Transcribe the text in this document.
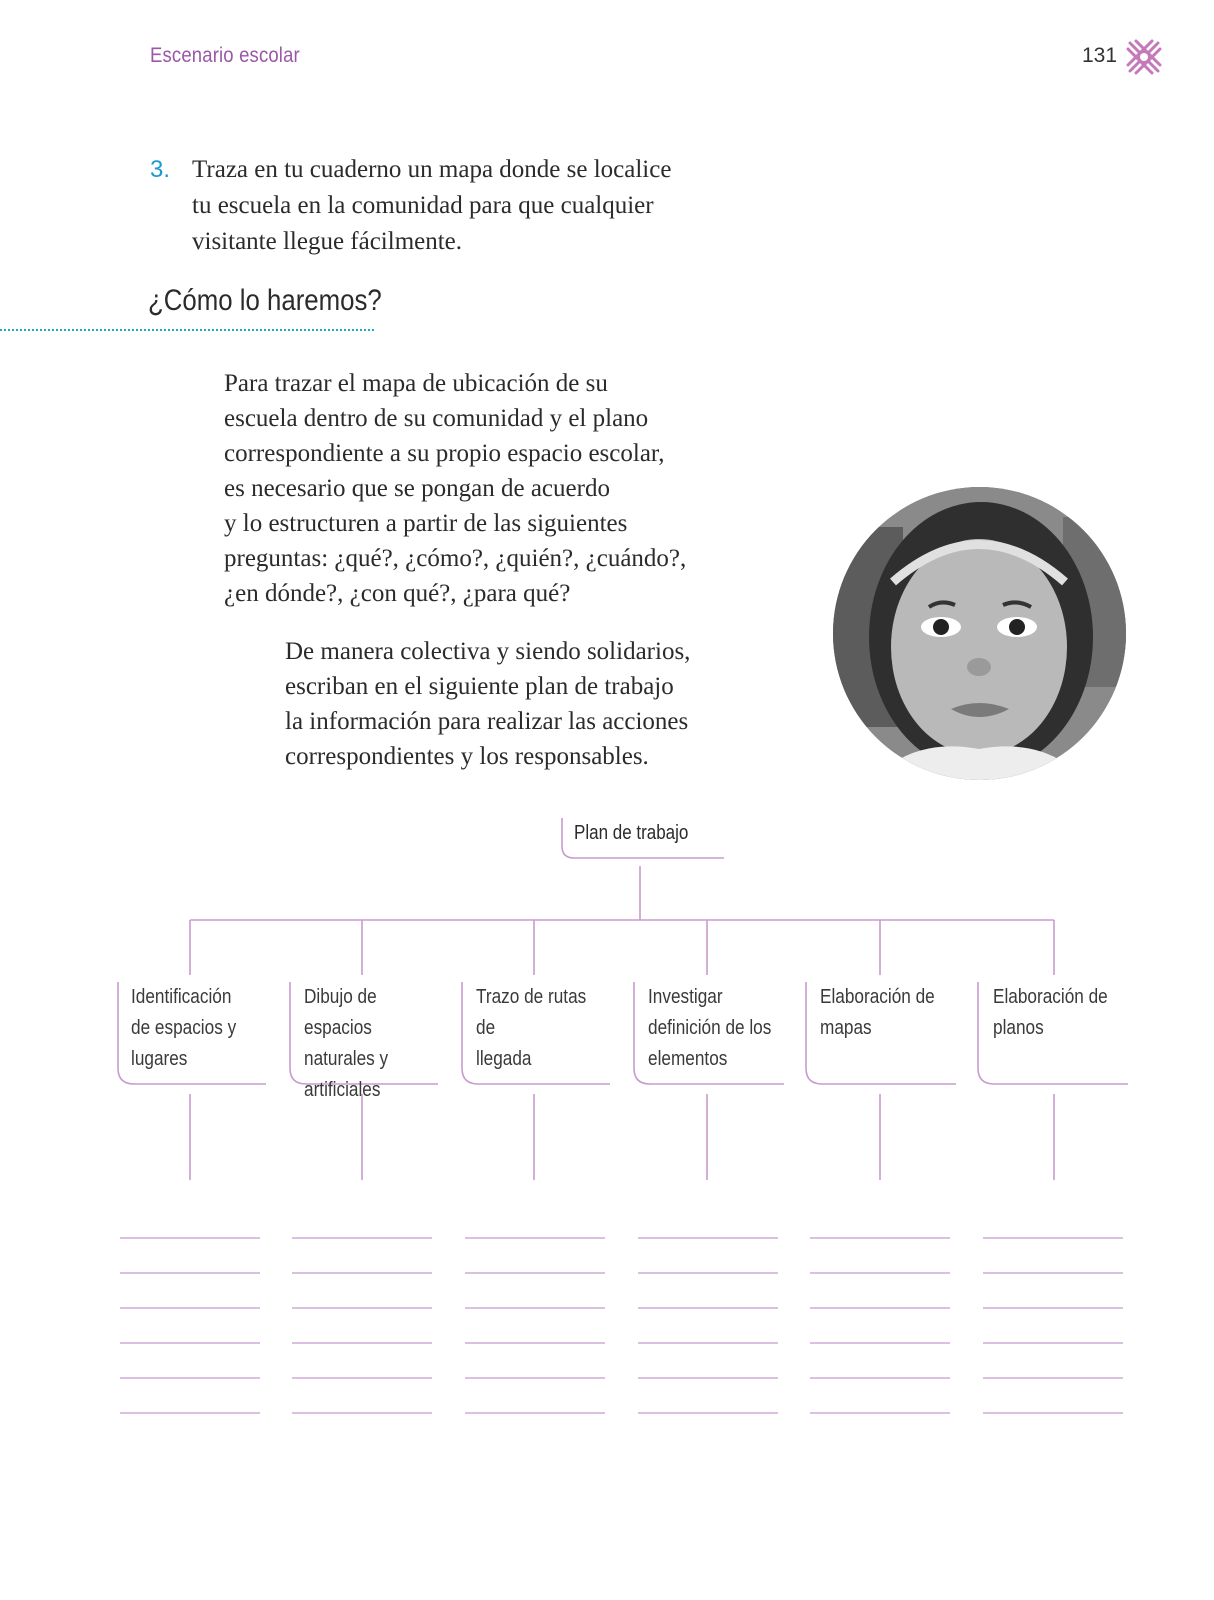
Escenario escolar	131
3. Traza en tu cuaderno un mapa donde se localice
tu escuela en la comunidad para que cualquier
visitante llegue fácilmente.
¿Cómo lo haremos?
Para trazar el mapa de ubicación de su
escuela dentro de su comunidad y el plano
correspondiente a su propio espacio escolar,
es necesario que se pongan de acuerdo
y lo estructuren a partir de las siguientes
preguntas: ¿qué?, ¿cómo?, ¿quién?, ¿cuándo?,
¿en dónde?, ¿con qué?, ¿para qué?
De manera colectiva y siendo solidarios,
escriban en el siguiente plan de trabajo
la información para realizar las acciones
correspondientes y los responsables.
Plan de trabajo
Identificación
de espacios y
lugares
Dibujo de espacios
naturales y
artificiales
Trazo de rutas de
llegada
Investigar
definición de los
elementos
Elaboración de
mapas
Elaboración de
planos
